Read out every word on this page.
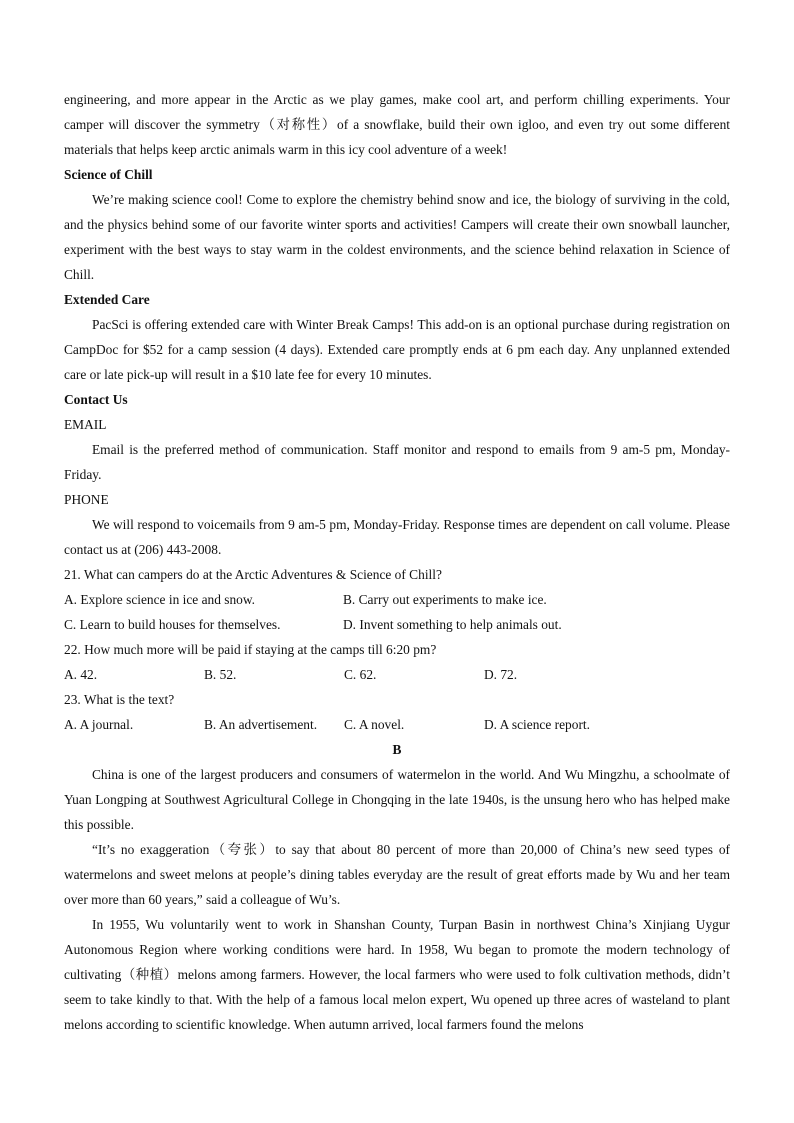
engineering, and more appear in the Arctic as we play games, make cool art, and perform chilling experiments. Your camper will discover the symmetry（对称性）of a snowflake, build their own igloo, and even try out some different materials that helps keep arctic animals warm in this icy cool adventure of a week!

Science of Chill

We’re making science cool! Come to explore the chemistry behind snow and ice, the biology of surviving in the cold, and the physics behind some of our favorite winter sports and activities! Campers will create their own snowball launcher, experiment with the best ways to stay warm in the coldest environments, and the science behind relaxation in Science of Chill.

Extended Care

PacSci is offering extended care with Winter Break Camps! This add-on is an optional purchase during registration on CampDoc for $52 for a camp session (4 days). Extended care promptly ends at 6 pm each day. Any unplanned extended care or late pick-up will result in a $10 late fee for every 10 minutes.

Contact Us

EMAIL

Email is the preferred method of communication. Staff monitor and respond to emails from 9 am-5 pm, Monday-Friday.

PHONE

We will respond to voicemails from 9 am-5 pm, Monday-Friday. Response times are dependent on call volume. Please contact us at (206) 443-2008.

21. What can campers do at the Arctic Adventures & Science of Chill?

A. Explore science in ice and snow.	B. Carry out experiments to make ice.
C. Learn to build houses for themselves.	D. Invent something to help animals out.

22. How much more will be paid if staying at the camps till 6:20 pm?

A. 42.	B. 52.	C. 62.	D. 72.

23. What is the text?

A. A journal.	B. An advertisement.	C. A novel.	D. A science report.

B

China is one of the largest producers and consumers of watermelon in the world. And Wu Mingzhu, a schoolmate of Yuan Longping at Southwest Agricultural College in Chongqing in the late 1940s, is the unsung hero who has helped make this possible.

“It’s no exaggeration（夸张）to say that about 80 percent of more than 20,000 of China’s new seed types of watermelons and sweet melons at people’s dining tables everyday are the result of great efforts made by Wu and her team over more than 60 years,” said a colleague of Wu’s.

In 1955, Wu voluntarily went to work in Shanshan County, Turpan Basin in northwest China’s Xinjiang Uygur Autonomous Region where working conditions were hard. In 1958, Wu began to promote the modern technology of cultivating（种植）melons among farmers. However, the local farmers who were used to folk cultivation methods, didn’t seem to take kindly to that. With the help of a famous local melon expert, Wu opened up three acres of wasteland to plant melons according to scientific knowledge. When autumn arrived, local farmers found the melons
